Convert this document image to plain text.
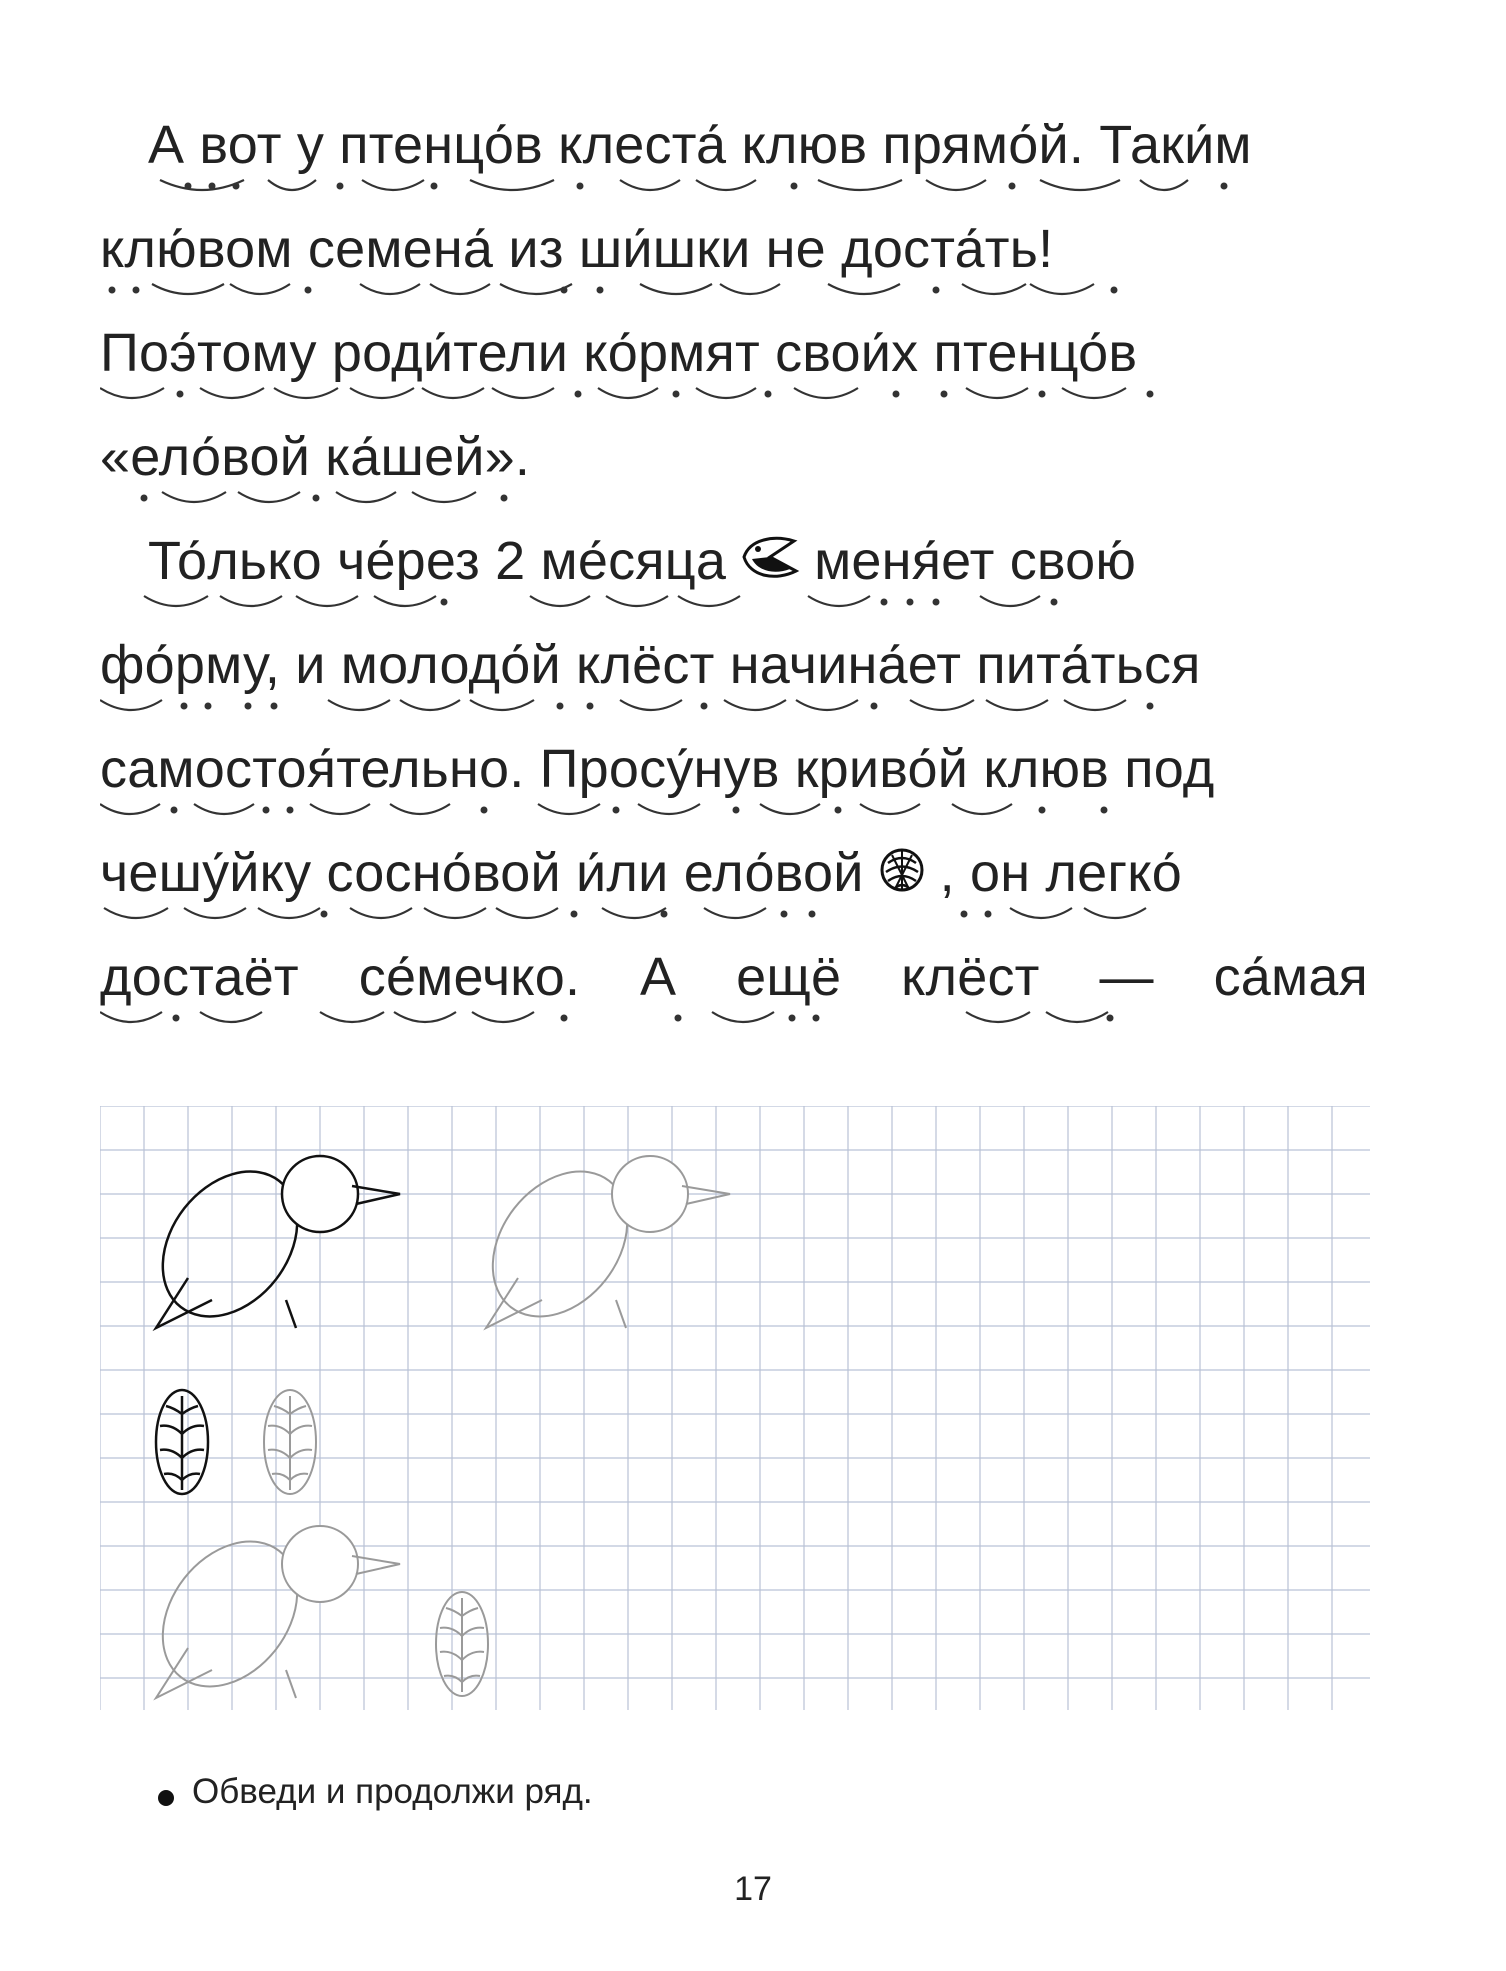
А вот у птенцо́в клеста́ клюв прямо́й. Таки́м
клю́вом семена́ из ши́шки не доста́ть!
Поэ́тому роди́тели ко́рмят свои́х птенцо́в
«ело́вой ка́шей».
То́лько че́рез 2 ме́сяца меня́ет свою́
фо́рму, и молодо́й клёст начина́ет пита́ться
самостоя́тельно. Просу́нув криво́й клюв под
чешу́йку сосно́вой и́ли ело́вой , он легко́
достаёт се́мечко. А ещё клёст — са́мая
Обведи и продолжи ряд.
17
